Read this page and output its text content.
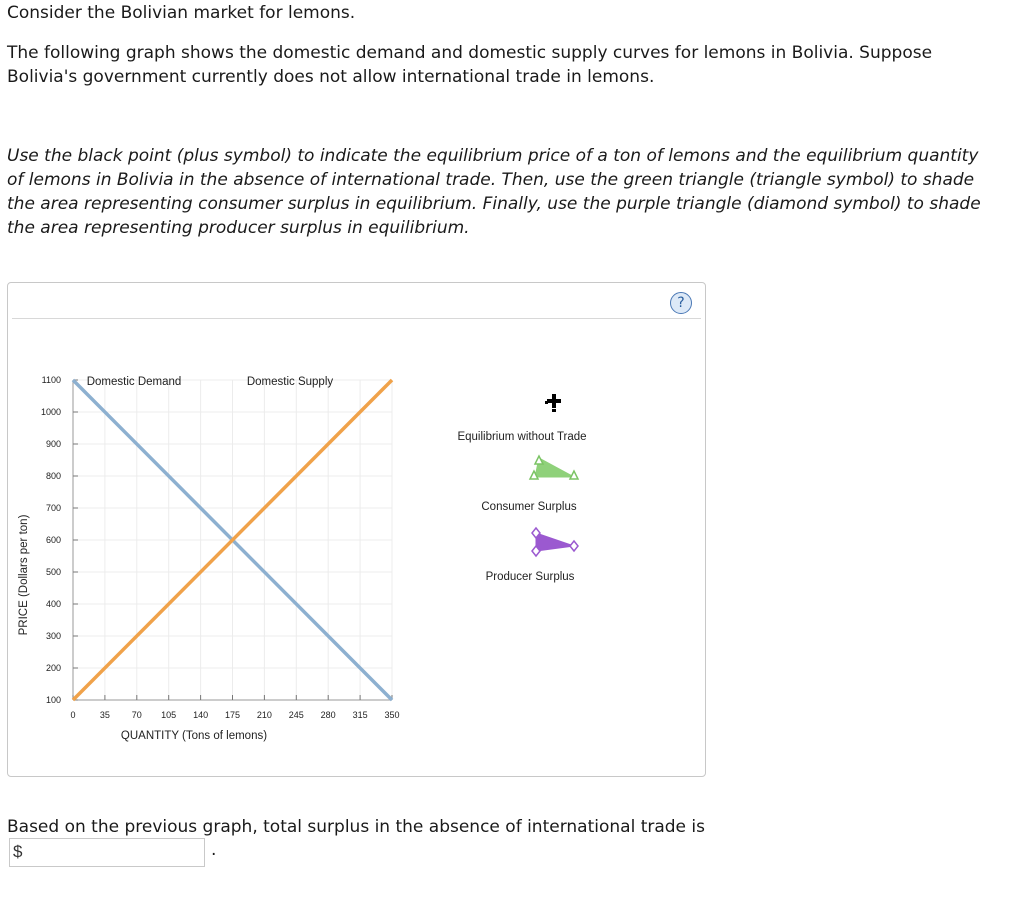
Consider the Bolivian market for lemons.

The following graph shows the domestic demand and domestic supply curves for lemons in Bolivia. Suppose Bolivia's government currently does not allow international trade in lemons.

Use the black point (plus symbol) to indicate the equilibrium price of a ton of lemons and the equilibrium quantity of lemons in Bolivia in the absence of international trade. Then, use the green triangle (triangle symbol) to shade the area representing consumer surplus in equilibrium. Finally, use the purple triangle (diamond symbol) to shade the area representing producer surplus in equilibrium.

?
100
200
300
400
500
600
700
800
900
1000
1100
0	35 70 105 140 175 210 245 280 315 350
Domestic Demand	Domestic Supply
QUANTITY (Tons of lemons)
PRICE (Dollars per ton)
Equilibrium without Trade
Consumer Surplus
Producer Surplus

Based on the previous graph, total surplus in the absence of international trade is

$	.
